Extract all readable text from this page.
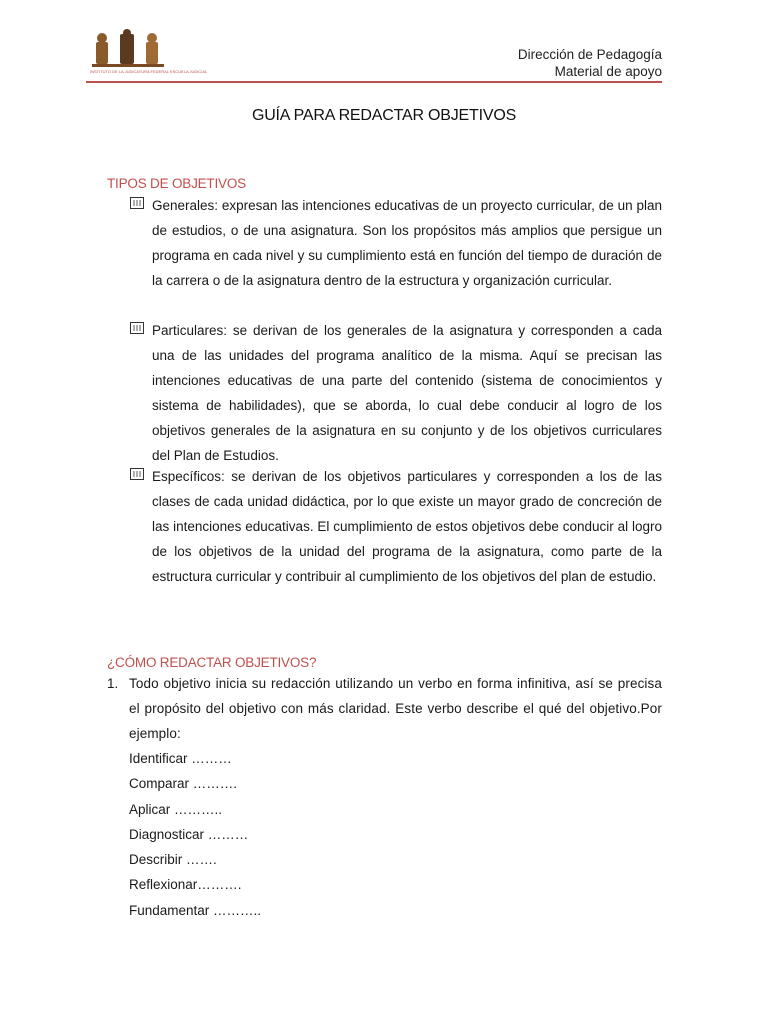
INSTITUTO DE LA JUDICATURA FEDERAL ESCUELA JUDICIAL
Dirección de Pedagogía
Material de apoyo
GUÍA PARA REDACTAR OBJETIVOS
TIPOS DE OBJETIVOS
Generales: expresan las intenciones educativas de un proyecto curricular, de un plan de estudios, o de una asignatura. Son los propósitos más amplios que persigue un programa en cada nivel y su cumplimiento está en función del tiempo de duración de la carrera o de la asignatura dentro de la estructura y organización curricular.
Particulares: se derivan de los generales de la asignatura y corresponden a cada una de las unidades del programa analítico de la misma. Aquí se precisan las intenciones educativas de una parte del contenido (sistema de conocimientos y sistema de habilidades), que se aborda, lo cual debe conducir al logro de los objetivos generales de la asignatura en su conjunto y de los objetivos curriculares del Plan de Estudios.
Específicos: se derivan de los objetivos particulares y corresponden a los de las clases de cada unidad didáctica, por lo que existe un mayor grado de concreción de las intenciones educativas. El cumplimiento de estos objetivos debe conducir al logro de los objetivos de la unidad del programa de la asignatura, como parte de la estructura curricular y contribuir al cumplimiento de los objetivos del plan de estudio.
¿CÓMO REDACTAR OBJETIVOS?
1. Todo objetivo inicia su redacción utilizando un verbo en forma infinitiva, así se precisa el propósito del objetivo con más claridad. Este verbo describe el qué del objetivo.Por ejemplo:
Identificar ………
Comparar ……….
Aplicar ………..
Diagnosticar ………
Describir …….
Reflexionar……….
Fundamentar ………..
